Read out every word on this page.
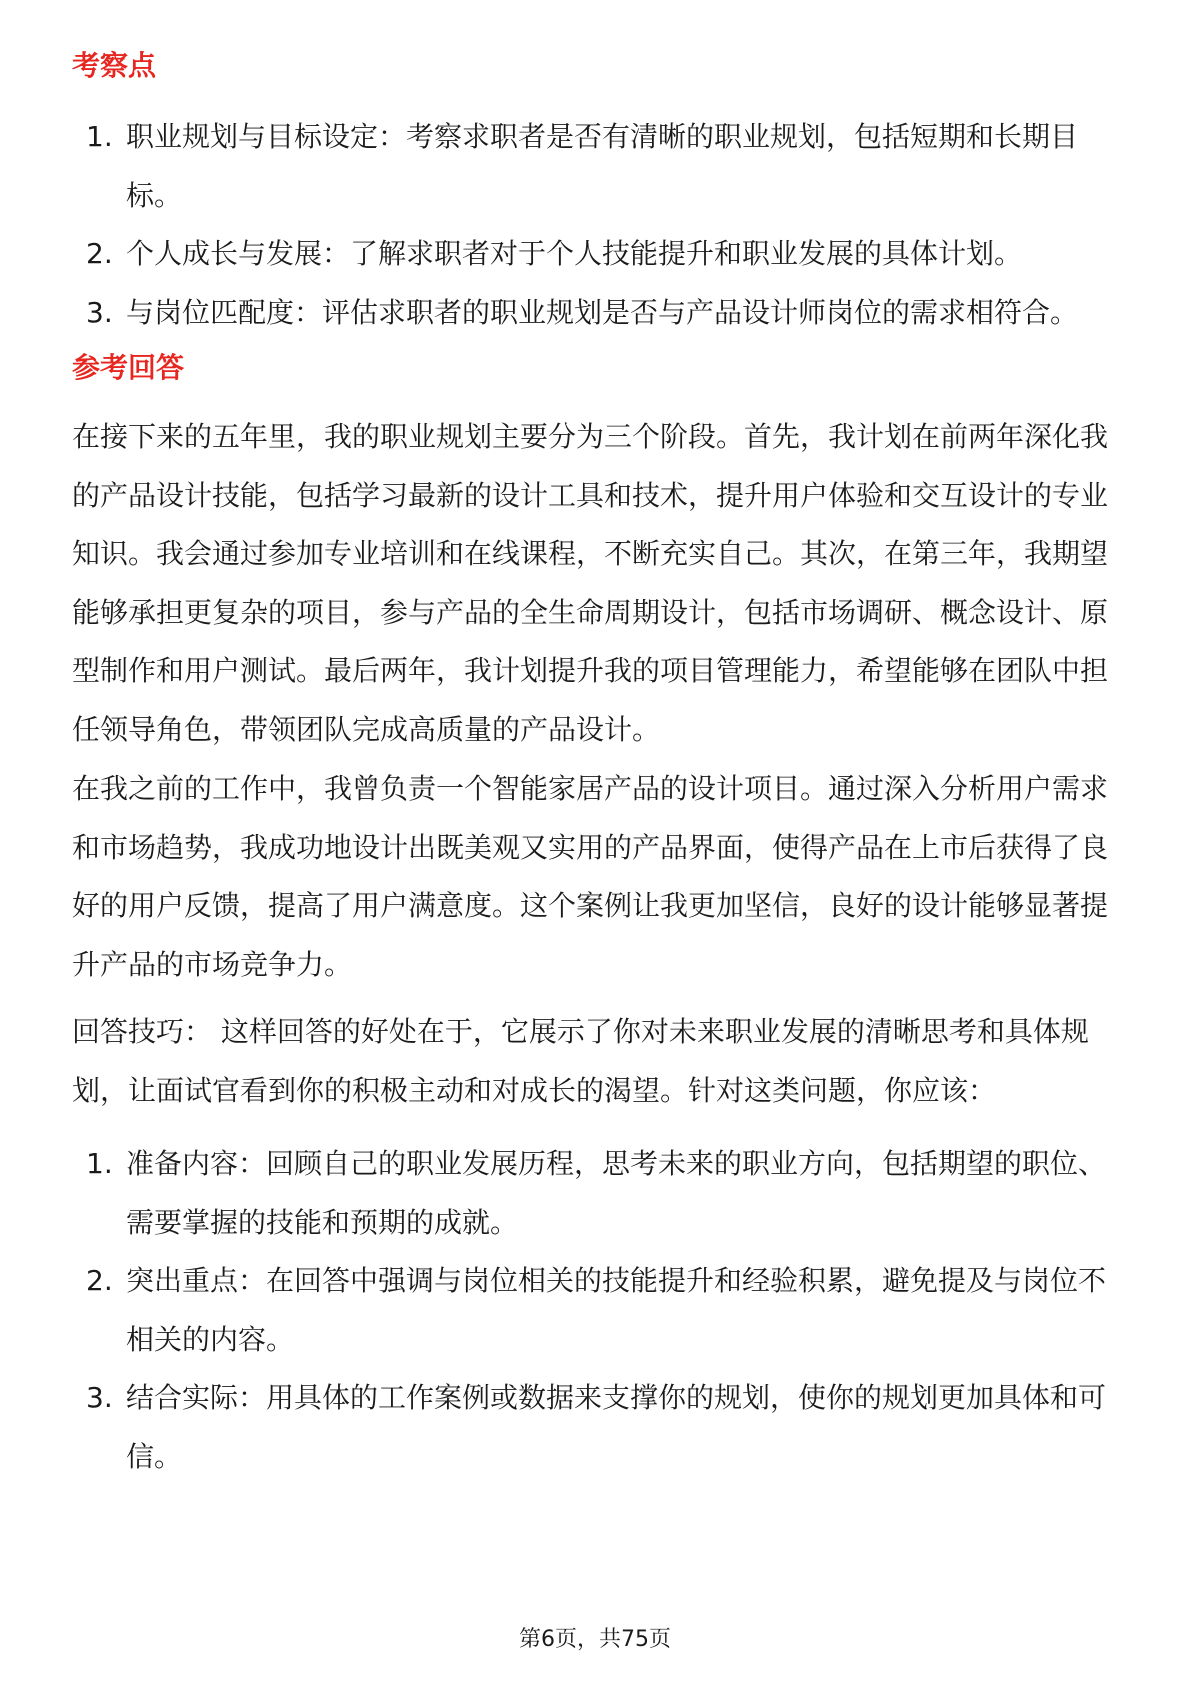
考察点
1. 职业规划与目标设定：考察求职者是否有清晰的职业规划，包括短期和长期目标。
2. 个人成长与发展：了解求职者对于个人技能提升和职业发展的具体计划。
3. 与岗位匹配度：评估求职者的职业规划是否与产品设计师岗位的需求相符合。
参考回答

在接下来的五年里，我的职业规划主要分为三个阶段。首先，我计划在前两年深化我的产品设计技能，包括学习最新的设计工具和技术，提升用户体验和交互设计的专业知识。我会通过参加专业培训和在线课程，不断充实自己。其次，在第三年，我期望能够承担更复杂的项目，参与产品的全生命周期设计，包括市场调研、概念设计、原型制作和用户测试。最后两年，我计划提升我的项目管理能力，希望能够在团队中担任领导角色，带领团队完成高质量的产品设计。

在我之前的工作中，我曾负责一个智能家居产品的设计项目。通过深入分析用户需求和市场趋势，我成功地设计出既美观又实用的产品界面，使得产品在上市后获得了良好的用户反馈，提高了用户满意度。这个案例让我更加坚信，良好的设计能够显著提升产品的市场竞争力。

回答技巧： 这样回答的好处在于，它展示了你对未来职业发展的清晰思考和具体规划，让面试官看到你的积极主动和对成长的渴望。针对这类问题，你应该：

1. 准备内容：回顾自己的职业发展历程，思考未来的职业方向，包括期望的职位、需要掌握的技能和预期的成就。
2. 突出重点：在回答中强调与岗位相关的技能提升和经验积累，避免提及与岗位不相关的内容。
3. 结合实际：用具体的工作案例或数据来支撑你的规划，使你的规划更加具体和可信。
第6页，共75页
